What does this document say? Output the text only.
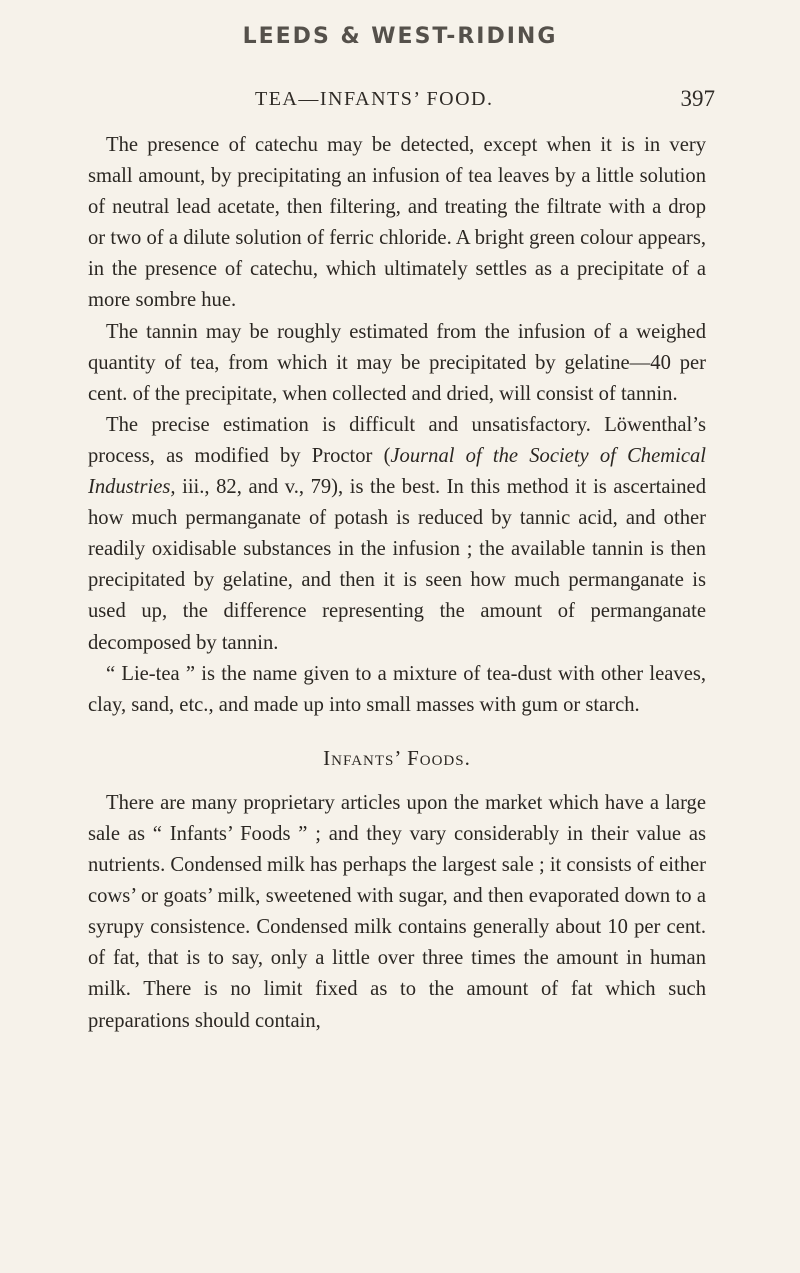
LEEDS & WEST-RIDING
TEA—INFANTS’ FOOD.	397

The presence of catechu may be detected, except when it is in very small amount, by precipitating an infusion of tea leaves by a little solution of neutral lead acetate, then filtering, and treating the filtrate with a drop or two of a dilute solution of ferric chloride. A bright green colour appears, in the presence of catechu, which ultimately settles as a precipitate of a more sombre hue.

The tannin may be roughly estimated from the infusion of a weighed quantity of tea, from which it may be precipitated by gelatine—40 per cent. of the precipitate, when collected and dried, will consist of tannin.

The precise estimation is difficult and unsatisfactory. Löwenthal’s process, as modified by Proctor (Journal of the Society of Chemical Industries, iii., 82, and v., 79), is the best. In this method it is ascertained how much permanganate of potash is reduced by tannic acid, and other readily oxidisable substances in the infusion ; the available tannin is then precipitated by gelatine, and then it is seen how much permanganate is used up, the difference representing the amount of permanganate decomposed by tannin.

“ Lie-tea ” is the name given to a mixture of tea-dust with other leaves, clay, sand, etc., and made up into small masses with gum or starch.

Infants’ Foods.

There are many proprietary articles upon the market which have a large sale as “ Infants’ Foods ” ; and they vary considerably in their value as nutrients. Condensed milk has perhaps the largest sale ; it consists of either cows’ or goats’ milk, sweetened with sugar, and then evaporated down to a syrupy consistence. Condensed milk contains generally about 10 per cent. of fat, that is to say, only a little over three times the amount in human milk. There is no limit fixed as to the amount of fat which such preparations should contain,
